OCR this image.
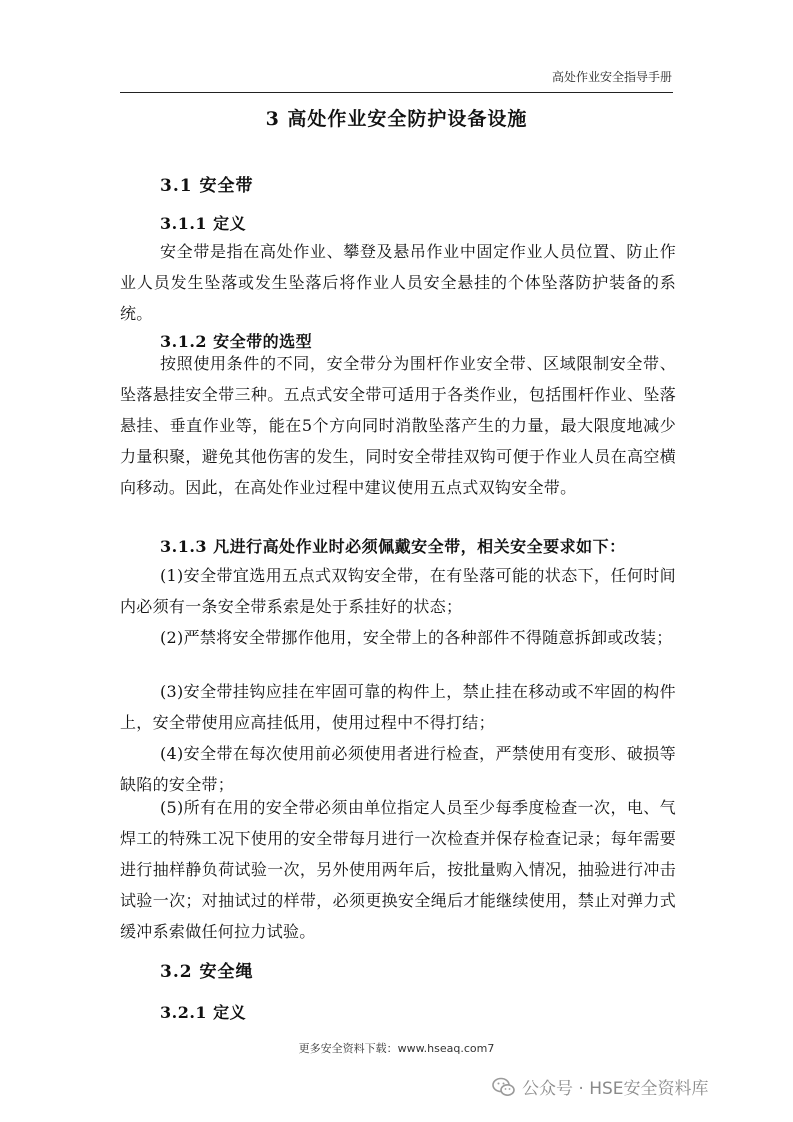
高处作业安全指导手册
3 高处作业安全防护设备设施
3.1 安全带
3.1.1 定义
安全带是指在高处作业、攀登及悬吊作业中固定作业人员位置、防止作业人员发生坠落或发生坠落后将作业人员安全悬挂的个体坠落防护装备的系统。
3.1.2 安全带的选型
按照使用条件的不同，安全带分为围杆作业安全带、区域限制安全带、坠落悬挂安全带三种。五点式安全带可适用于各类作业，包括围杆作业、坠落悬挂、垂直作业等，能在5个方向同时消散坠落产生的力量，最大限度地减少力量积聚，避免其他伤害的发生，同时安全带挂双钩可便于作业人员在高空横向移动。因此，在高处作业过程中建议使用五点式双钩安全带。
3.1.3 凡进行高处作业时必须佩戴安全带，相关安全要求如下：
(1)安全带宜选用五点式双钩安全带，在有坠落可能的状态下，任何时间内必须有一条安全带系索是处于系挂好的状态；
(2)严禁将安全带挪作他用，安全带上的各种部件不得随意拆卸或改装；
(3)安全带挂钩应挂在牢固可靠的构件上，禁止挂在移动或不牢固的构件上，安全带使用应高挂低用，使用过程中不得打结；
(4)安全带在每次使用前必须使用者进行检查，严禁使用有变形、破损等缺陷的安全带；
(5)所有在用的安全带必须由单位指定人员至少每季度检查一次，电、气焊工的特殊工况下使用的安全带每月进行一次检查并保存检查记录；每年需要进行抽样静负荷试验一次，另外使用两年后，按批量购入情况，抽验进行冲击试验一次；对抽试过的样带，必须更换安全绳后才能继续使用，禁止对弹力式缓冲系索做任何拉力试验。
3.2 安全绳
3.2.1 定义
更多安全资料下载：www.hseaq.com7
公众号 · HSE安全资料库
